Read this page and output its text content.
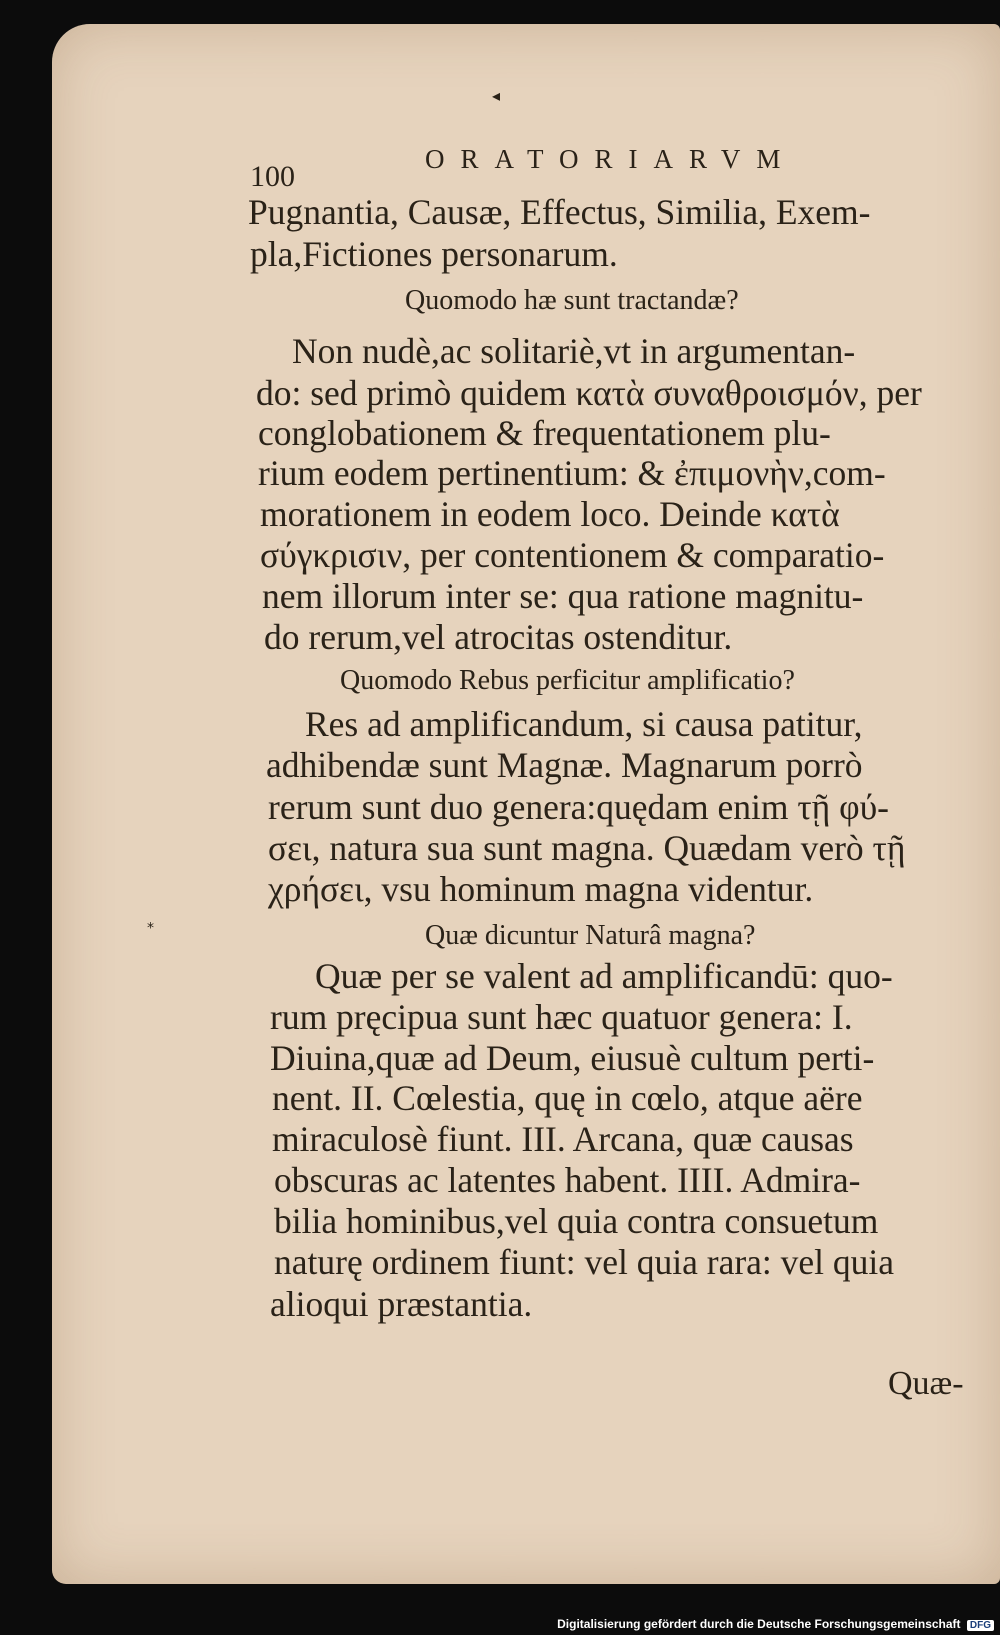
◂
⁎
100
ORATORIARVM
Pugnantia, Causæ, Effectus, Similia, Exem-
pla,Fictiones personarum.
Quomodo hæ sunt tractandæ?
Non nudè,ac solitariè,vt in argumentan-
do: sed primò quidem κατὰ συναθροισμόν, per
conglobationem & frequentationem plu-
rium eodem pertinentium: & ἐπιμονὴν,com-
morationem in eodem loco. Deinde κατὰ
σύγκρισιν, per contentionem & comparatio-
nem illorum inter se: qua ratione magnitu-
do rerum,vel atrocitas ostenditur.
Quomodo Rebus perficitur amplificatio?
Res ad amplificandum, si causa patitur,
adhibendæ sunt Magnæ. Magnarum porrò
rerum sunt duo genera:quędam enim τῇ φύ-
σει, natura sua sunt magna. Quædam verò τῇ
χρήσει, vsu hominum magna videntur.
Quæ dicuntur Naturâ magna?
Quæ per se valent ad amplificandū: quo-
rum pręcipua sunt hæc quatuor genera: I.
Diuina,quæ ad Deum, eiusuè cultum perti-
nent. II. Cœlestia, quę in cœlo, atque aëre
miraculosè fiunt. III. Arcana, quæ causas
obscuras ac latentes habent. IIII. Admira-
bilia hominibus,vel quia contra consuetum
naturę ordinem fiunt: vel quia rara: vel quia
alioqui præstantia.
Quæ-
Digitalisierung gefördert durch die Deutsche Forschungsgemeinschaft DFG
